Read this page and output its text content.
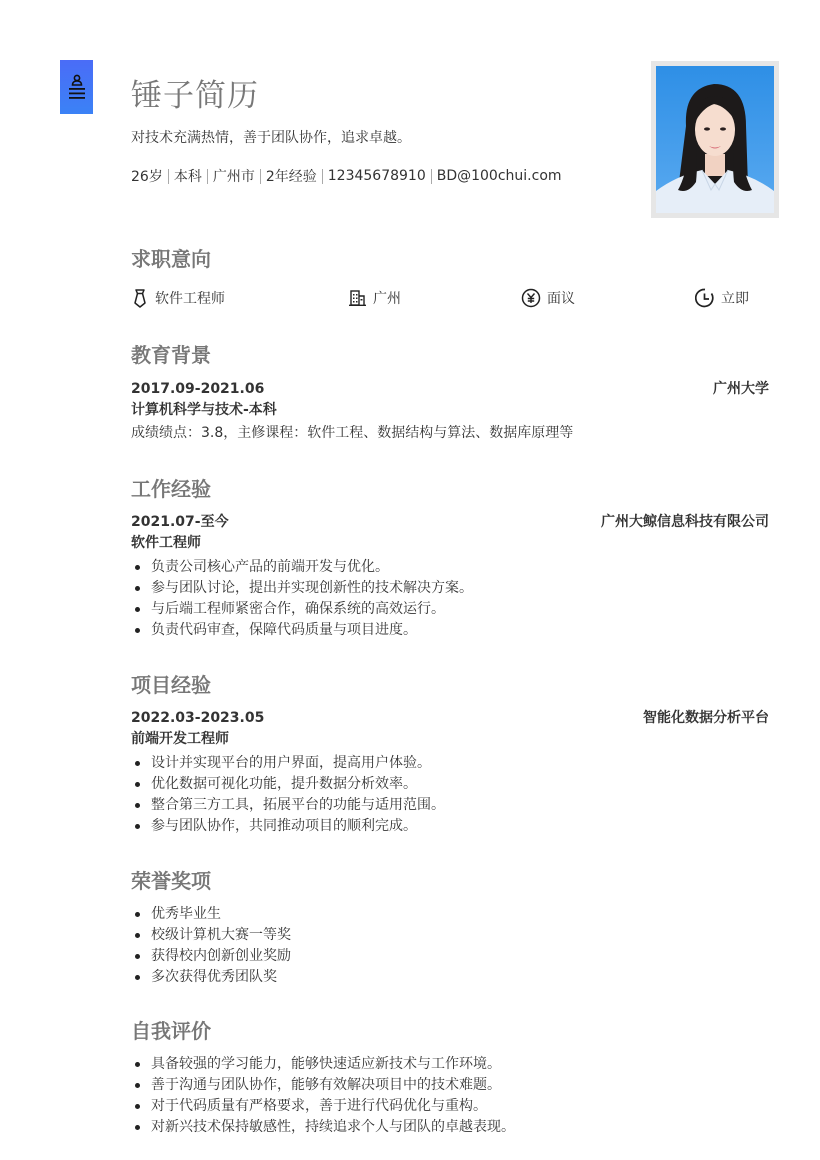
锤子简历
对技术充满热情，善于团队协作，追求卓越。
26岁 本科 广州市 2年经验 12345678910 BD@100chui.com
求职意向
软件工程师	广州	面议	立即
教育背景
2017.09-2021.06	广州大学
计算机科学与技术-本科
成绩绩点：3.8，主修课程：软件工程、数据结构与算法、数据库原理等
工作经验
2021.07-至今	广州大鲸信息科技有限公司
软件工程师
负责公司核心产品的前端开发与优化。
参与团队讨论，提出并实现创新性的技术解决方案。
与后端工程师紧密合作，确保系统的高效运行。
负责代码审查，保障代码质量与项目进度。
项目经验
2022.03-2023.05	智能化数据分析平台
前端开发工程师
设计并实现平台的用户界面，提高用户体验。
优化数据可视化功能，提升数据分析效率。
整合第三方工具，拓展平台的功能与适用范围。
参与团队协作，共同推动项目的顺利完成。
荣誉奖项
优秀毕业生
校级计算机大赛一等奖
获得校内创新创业奖励
多次获得优秀团队奖
自我评价
具备较强的学习能力，能够快速适应新技术与工作环境。
善于沟通与团队协作，能够有效解决项目中的技术难题。
对于代码质量有严格要求，善于进行代码优化与重构。
对新兴技术保持敏感性，持续追求个人与团队的卓越表现。
